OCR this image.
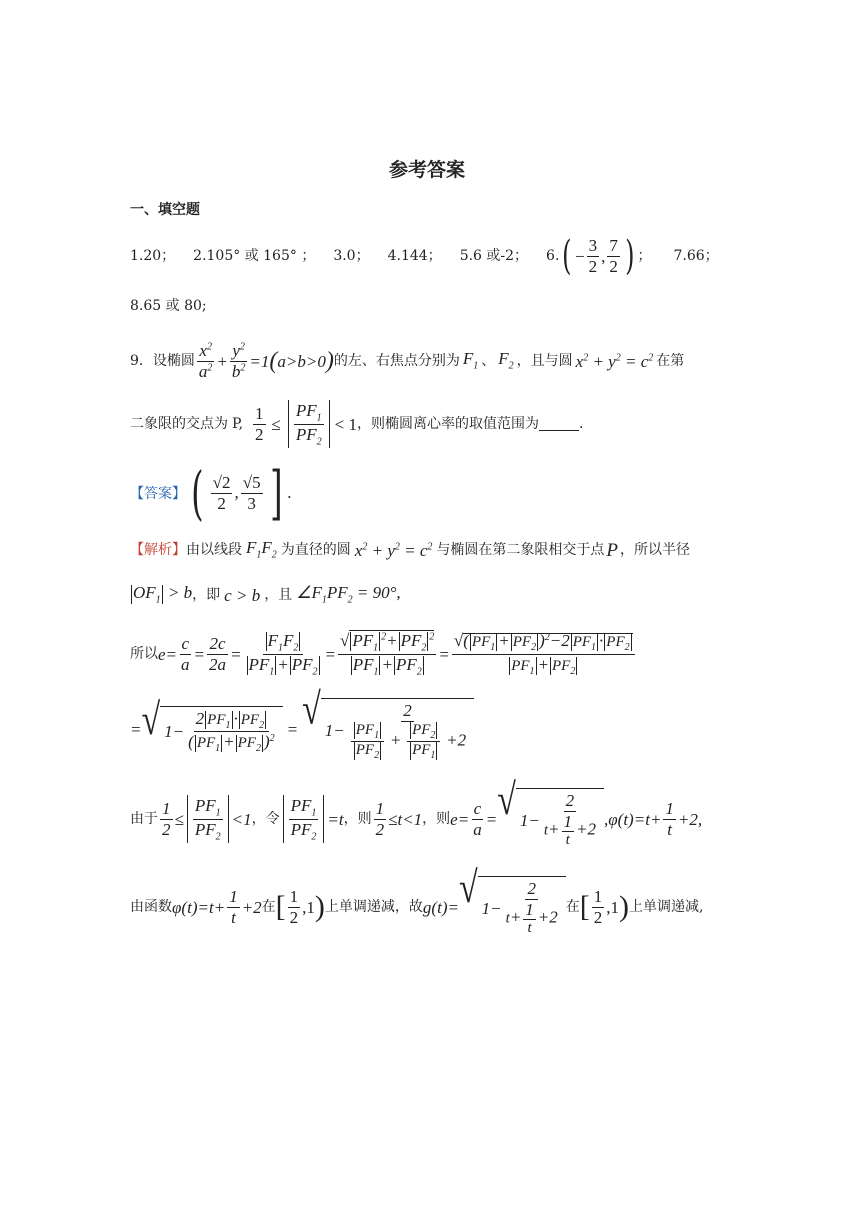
参考答案
一、填空题
1.20； 2.105° 或 165° ； 3.0； 4.144； 5.6 或-2； 6. ( − $\frac{3}{2}$ , $\frac{7}{2}$ ) ； 7.66；
8.65 或 80;
9．设椭圆 $\frac{x^2}{a^2} + \frac{y^2}{b^2} =1$ ( a > b >0 ) 的左、右焦点分别为 $F_1$ 、 $F_2$ ，且与圆 $x^2 + y^2 = c^2$ 在第
二象限的交点为 P, $\frac{1}{2} \le \frac{PF_1}{PF_2} < 1$ ，则椭圆离心率的取值范围为	.
【答案】 ( $\frac{√2}{2}$ , $\frac{√5}{3}$ ] .
【解析】 由以线段 $F_1F_2$ 为直径的圆 $x^2 + y^2 = c^2$ 与椭圆在第二象限相交于点 P ，所以半径
$OF_1 > b$ ，即 c > b ，且 $\angle F_1PF_2 = 90^\circ$,
所以 $e = \frac{c}{a} = \frac{2c}{2a} = \frac{F_1F_2}{PF_1 + PF_2} = \frac{√ PF_1^2+ PF_2^2}{PF_1 + PF_2} = \frac{√( PF_1 + PF_2 )^2-2 PF_1 \cdot PF_2}{PF_1 + PF_2}$
= √ $1- \frac{2 PF_1 \cdot PF_2}{( PF_1 + PF_2 )^2}$ = √ $1- \frac{2}{\frac{PF_1}{PF_2} + \frac{PF_2}{PF_1} +2}$
由于 $\frac{1}{2} \le \frac{PF_1}{PF_2} <1$ ，令 $\frac{PF_1}{PF_2} = t$ ，则 $\frac{1}{2} \le t <1$ ，则 $e = \frac{c}{a}$ = √ $1- \frac{2}{t+ \frac{1}{t} +2}$ , φ ( t ) = $t + \frac{1}{t} +2$,
由函数 φ ( t ) = $t + \frac{1}{t} +2$ 在 [ $\frac{1}{2} ,1$ ) 上单调递减，故 g ( t ) = √ $1- \frac{2}{t+ \frac{1}{t} +2}$ 在 [ $\frac{1}{2} ,1$ ) 上单调递减,
